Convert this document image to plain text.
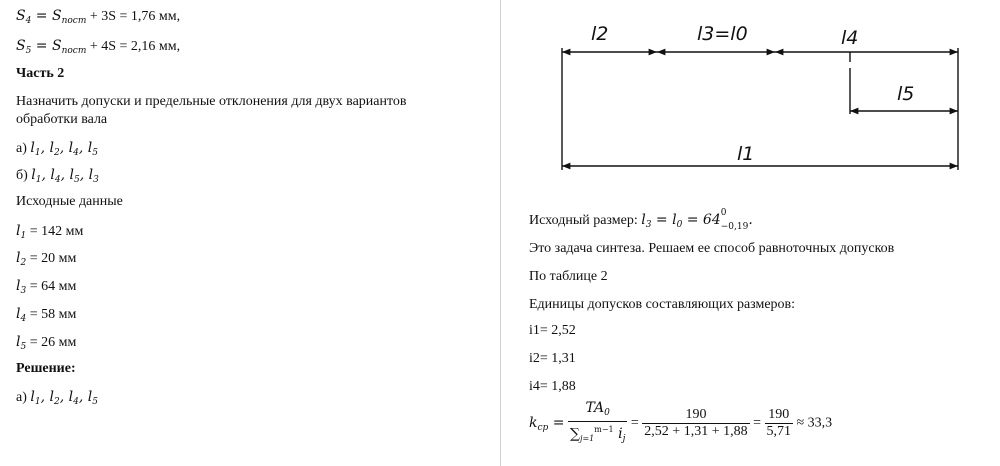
$S_4 = S_{пост} + 3S = 1,76$ мм,
$S_5 = S_{пост} + 4S = 2,16$ мм,
Часть 2
Назначить допуски и предельные отклонения для двух вариантов
обработки вала
а) $l_1$, $l_2$, $l_4$, $l_5$
б) $l_1$, $l_4$, $l_5$, $l_3$
Исходные данные
$l_1 = 142$ мм
$l_2 = 20$ мм
$l_3 = 64$ мм
$l_4 = 58$ мм
$l_5 = 26$ мм
Решение:
а) $l_1$, $l_2$, $l_4$, $l_5$
l2	l3=l0	l4
l5
l1
Исходный размер: $l_3 = l_0 = 64$ 0
$_{-0,19}$.
Это задача синтеза. Решаем ее способ равноточных допусков
По таблице 2
Единицы допусков составляющих размеров:
i1= 2,52
i2= 1,31
i4= 1,88
$k_{ср} = \frac{TA_0}{\sum_{j=1}^{m-1} i_j} = \frac{190}{2,52 + 1,31 + 1,88} = \frac{190}{5,71} \approx 33,3$
